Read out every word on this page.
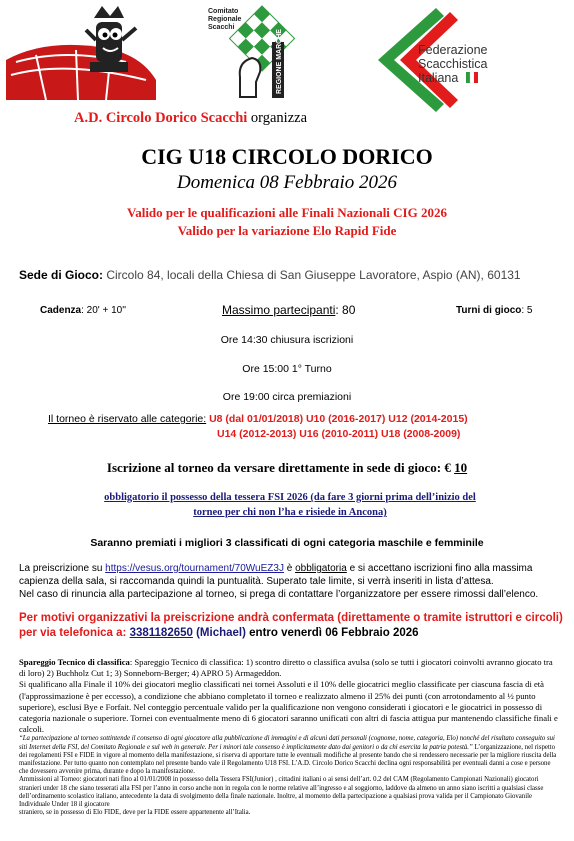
Comitato
Regionale
Scacchi
REGIONE MARCHE	Federazione
Scacchistica
Italiana
A.D. Circolo Dorico Scacchi organizza
CIG U18 CIRCOLO DORICO
Domenica 08 Febbraio 2026
Valido per le qualificazioni alle Finali Nazionali CIG 2026
Valido per la variazione Elo Rapid Fide
Sede di Gioco: Circolo 84, locali della Chiesa di San Giuseppe Lavoratore, Aspio (AN), 60131
Cadenza: 20' + 10''	Massimo partecipanti: 80	Turni di gioco: 5
Ore 14:30 chiusura iscrizioni
Ore 15:00 1° Turno
Ore 19:00 circa premiazioni
Il torneo è riservato alle categorie: U8 (dal 01/01/2018) U10 (2016-2017) U12 (2014-2015)
U14 (2012-2013) U16 (2010-2011) U18 (2008-2009)
Iscrizione al torneo da versare direttamente in sede di gioco: € 10
obbligatorio il possesso della tessera FSI 2026 (da fare 3 giorni prima dell’inizio del
torneo per chi non l’ha e risiede in Ancona)
Saranno premiati i migliori 3 classificati di ogni categoria maschile e femminile
La preiscrizione su https://vesus.org/tournament/70WuEZ3J è obbligatoria e si accettano iscrizioni fino alla massima capienza della sala, si raccomanda quindi la puntualità. Superato tale limite, si verrà inseriti in lista d’attesa.
Nel caso di rinuncia alla partecipazione al torneo, si prega di contattare l’organizzatore per essere rimossi dall’elenco.
Per motivi organizzativi la preiscrizione andrà confermata (direttamente o tramite istruttori e circoli) per via telefonica a: 3381182650 (Michael) entro venerdì 06 Febbraio 2026
Spareggio Tecnico di classifica: Spareggio Tecnico di classifica: 1) scontro diretto o classifica avulsa (solo se tutti i giocatori coinvolti avranno giocato tra di loro) 2) Buchholz Cut 1; 3) Sonneborn-Berger; 4) APRO 5) Armageddon.
Si qualificano alla Finale il 10% dei giocatori meglio classificati nei tornei Assoluti e il 10% delle giocatrici meglio classificate per ciascuna fascia di età (l'approssimazione è per eccesso), a condizione che abbiano completato il torneo e realizzato almeno il 25% dei punti (con arrotondamento al ½ punto superiore), esclusi Bye e Forfait. Nel conteggio percentuale valido per la qualificazione non vengono considerati i giocatori e le giocatrici in possesso di categoria nazionale o superiore. Tornei con eventualmente meno di 6 giocatori saranno unificati con altri di fascia attigua pur mantenendo classifiche finali e calcoli.
“La partecipazione al torneo sottintende il consenso di ogni giocatore alla pubblicazione di immagini e di alcuni dati personali (cognome, nome, categoria, Elo) nonché del risultato conseguito sui siti Internet della FSI, del Comitato Regionale e sul web in generale. Per i minori tale consenso è implicitamente dato dai genitori o da chi esercita la patria potestà.” L’organizzazione, nel rispetto dei regolamenti FSI e FIDE in vigore al momento della manifestazione, si riserva di apportare tutte le eventuali modifiche al presente bando che si rendessero necessarie per la migliore riuscita della manifestazione. Per tutto quanto non contemplato nel presente bando vale il Regolamento U18 FSI. L’A.D. Circolo Dorico Scacchi declina ogni responsabilità per eventuali danni a cose e persone che dovessero avvenire prima, durante e dopo la manifestazione.
Ammissioni al Torneo: giocatori nati fino al 01/01/2008 in possesso della Tessera FSI(Junior) , cittadini italiani o ai sensi dell’art. 0.2 del CAM (Regolamento Campionati Nazionali) giocatori stranieri under 18 che siano tesserati alla FSI per l’anno in corso anche non in regola con le norme relative all’ingresso e al soggiorno, laddove da almeno un anno siano iscritti a qualsiasi classe dell’ordinamento scolastico italiano, antecedente la data di svolgimento della finale nazionale. Inoltre, al momento della partecipazione a qualsiasi prova valida per il Campionato Giovanile Individuale Under 18 il giocatore
straniero, se in possesso di Elo FIDE, deve per la FIDE essere appartenente all’Italia.
